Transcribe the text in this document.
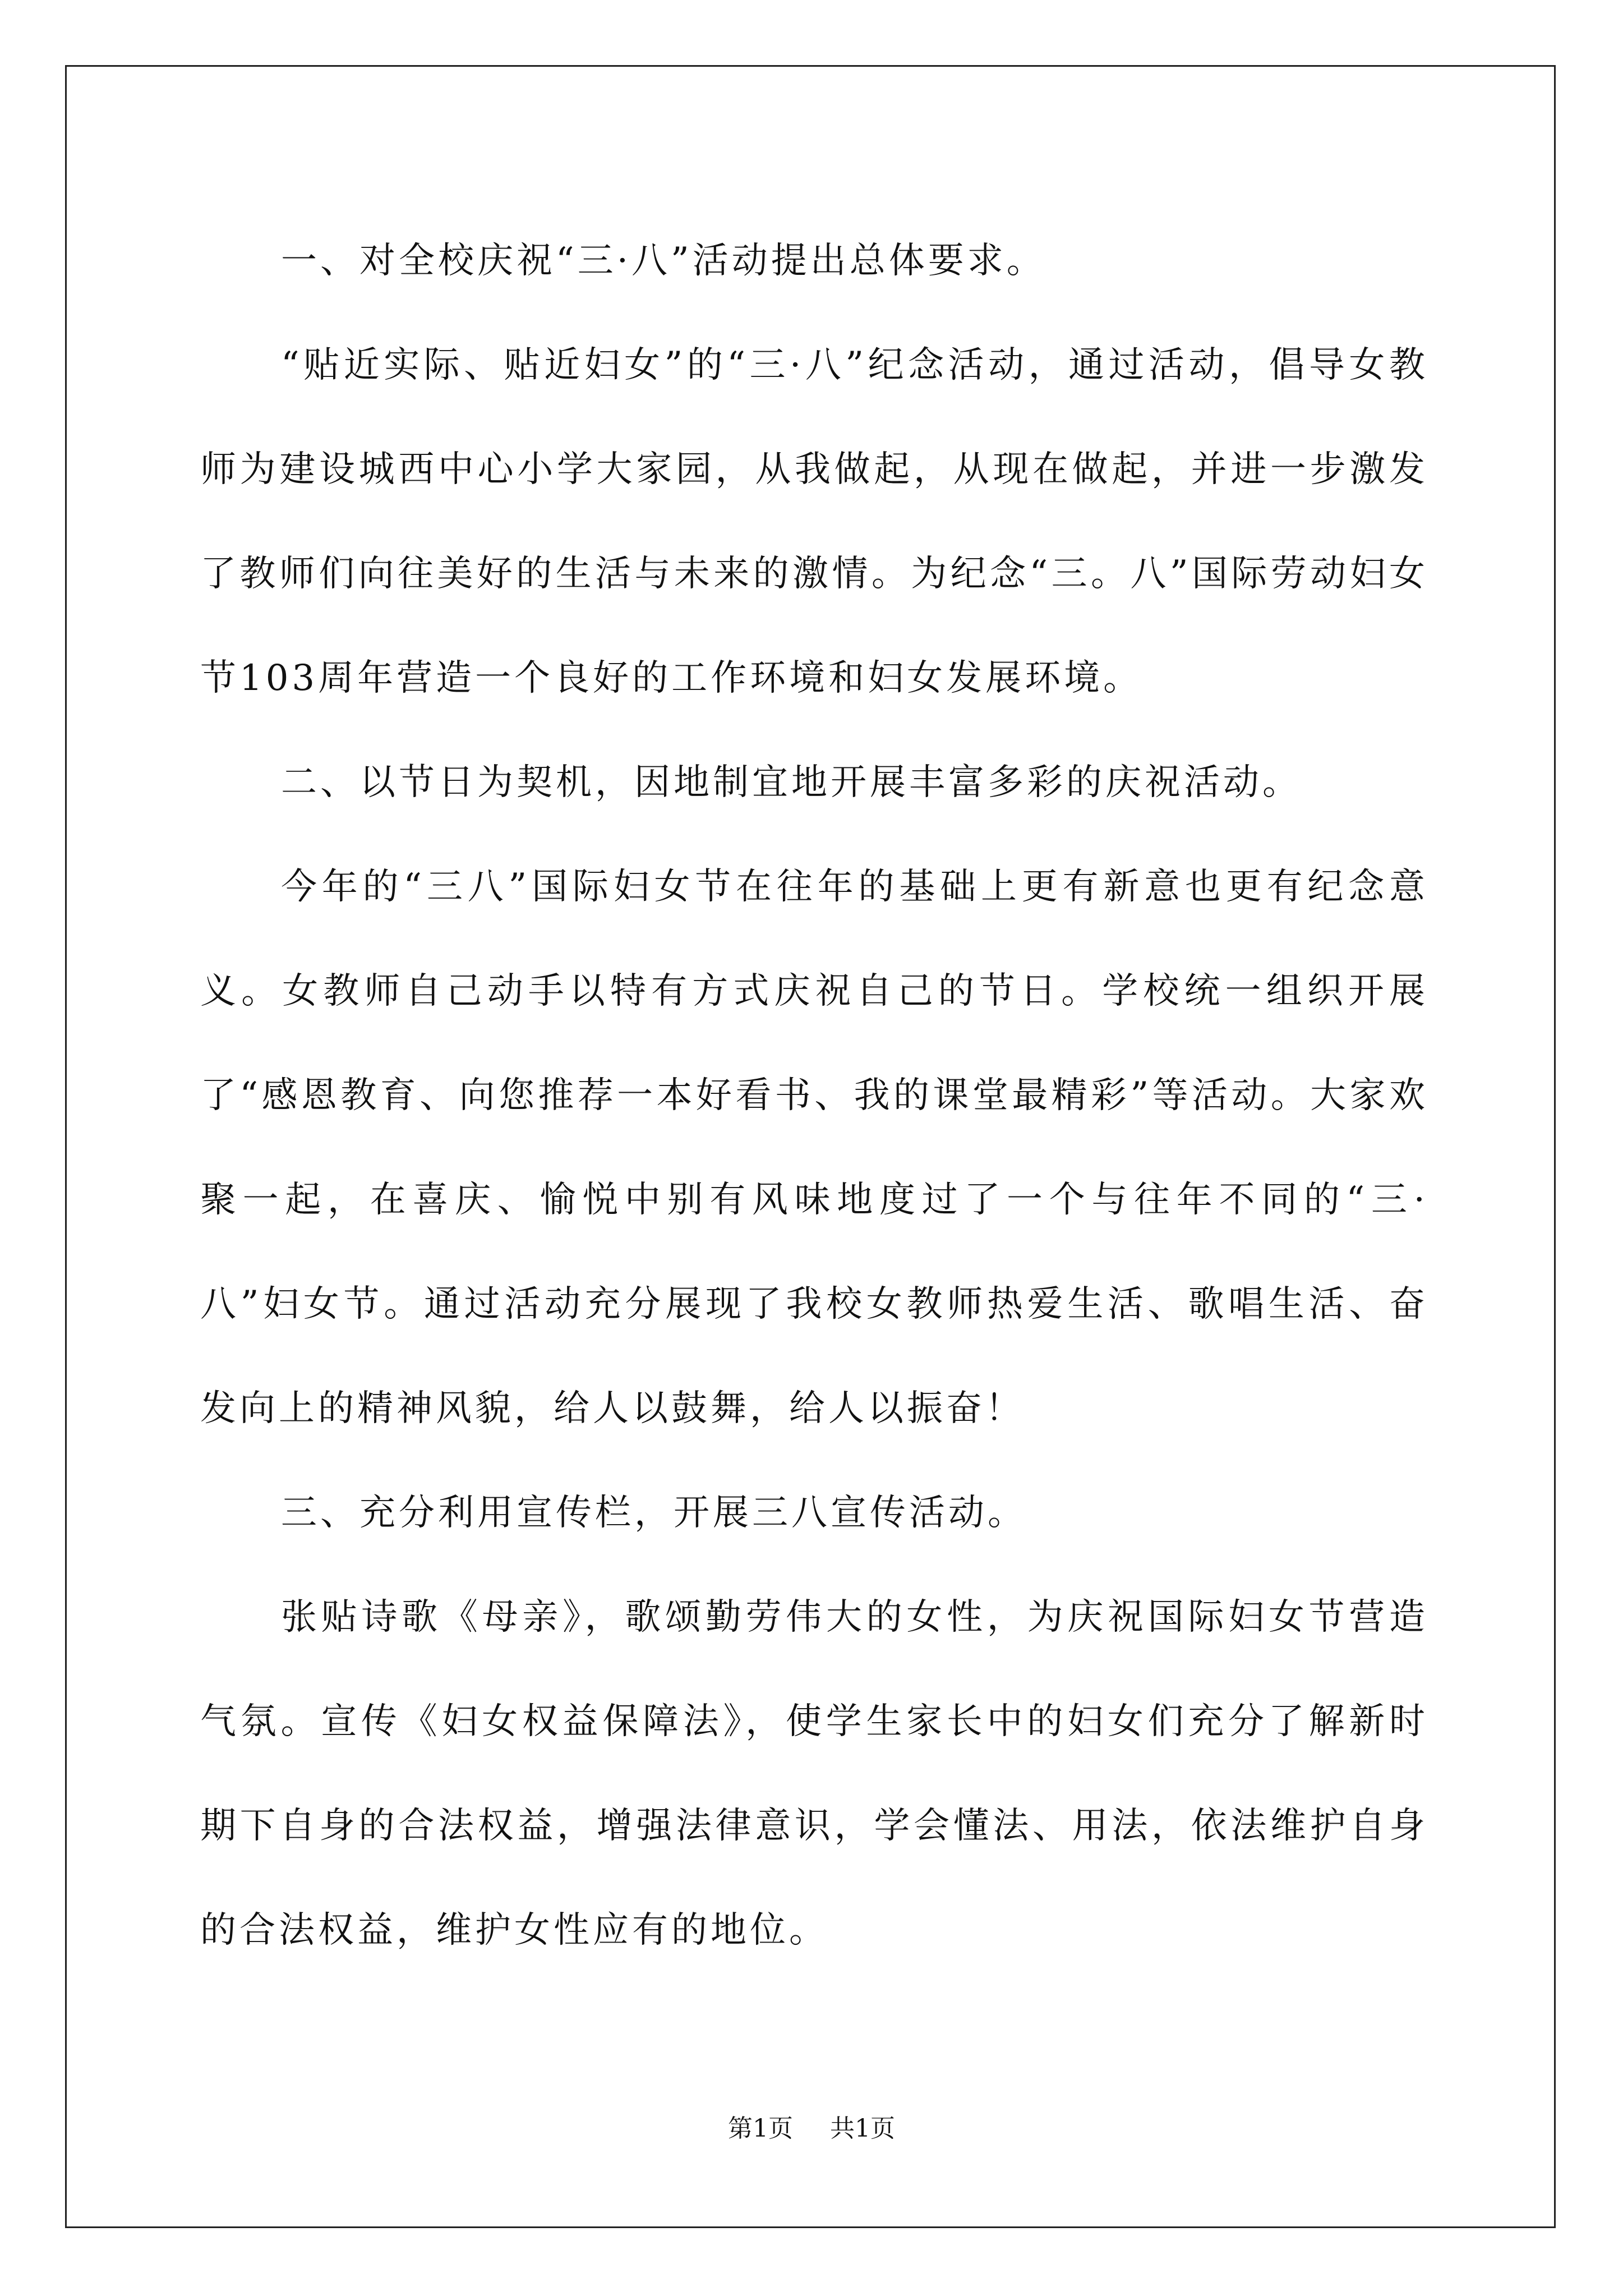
一、对全校庆祝“三·八”活动提出总体要求。

“贴近实际、贴近妇女”的“三·八”纪念活动，通过活动，倡导女教师为建设城西中心小学大家园，从我做起，从现在做起，并进一步激发了教师们向往美好的生活与未来的激情。为纪念“三。八”国际劳动妇女节103周年营造一个良好的工作环境和妇女发展环境。

二、以节日为契机，因地制宜地开展丰富多彩的庆祝活动。

今年的“三八”国际妇女节在往年的基础上更有新意也更有纪念意义。女教师自己动手以特有方式庆祝自己的节日。学校统一组织开展了“感恩教育、向您推荐一本好看书、我的课堂最精彩”等活动。大家欢聚一起，在喜庆、愉悦中别有风味地度过了一个与往年不同的“三·八”妇女节。通过活动充分展现了我校女教师热爱生活、歌唱生活、奋发向上的精神风貌，给人以鼓舞，给人以振奋！

三、充分利用宣传栏，开展三八宣传活动。

张贴诗歌《母亲》，歌颂勤劳伟大的女性，为庆祝国际妇女节营造气氛。宣传《妇女权益保障法》，使学生家长中的妇女们充分了解新时期下自身的合法权益，增强法律意识，学会懂法、用法，依法维护自身的合法权益，维护女性应有的地位。

第1页 共1页
